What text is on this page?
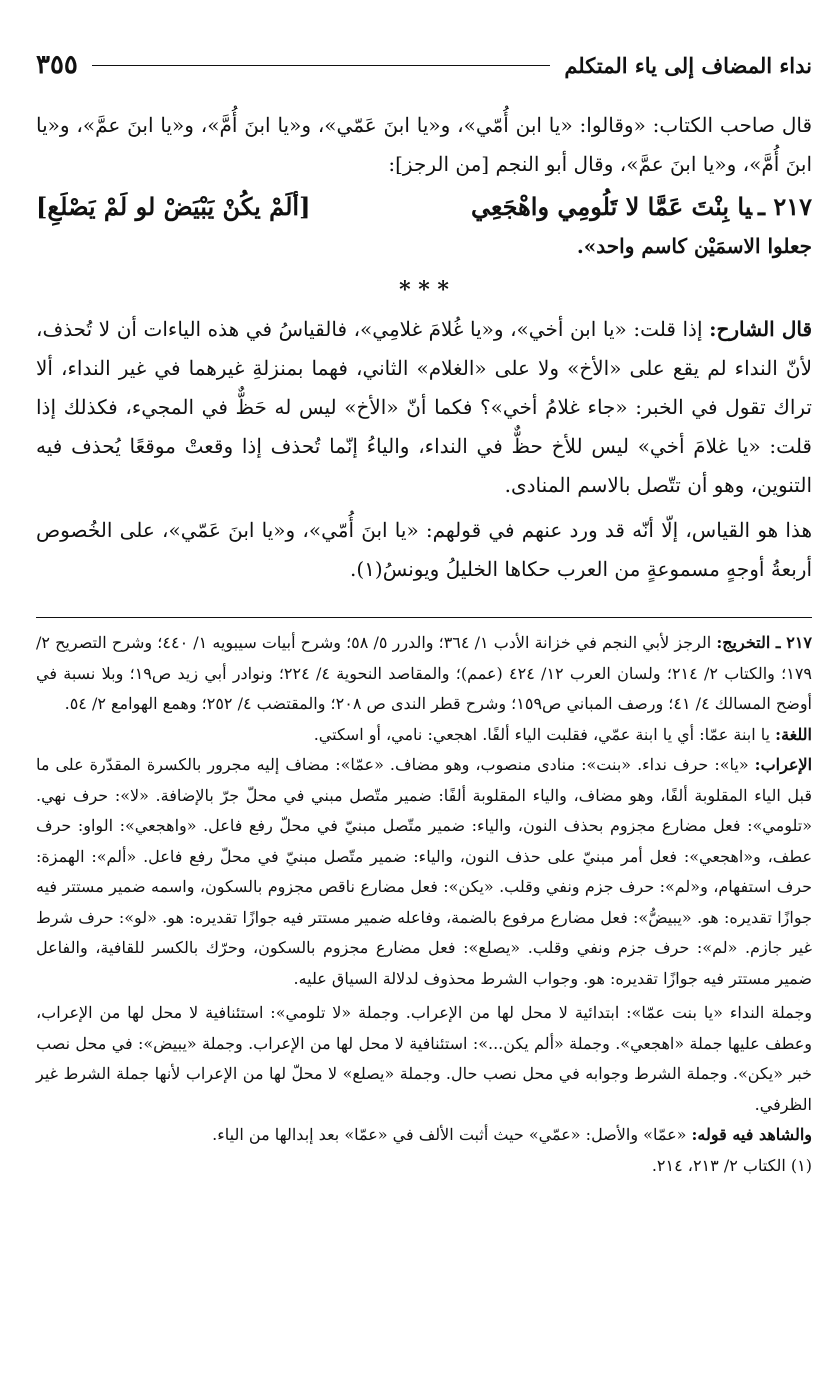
نداء المضاف إلى ياء المتكلم
٣٥٥

قال صاحب الكتاب: «وقالوا: «يا ابن أُمّي»، و«يا ابنَ عَمّي»، و«يا ابنَ أُمَّ»، و«يا ابنَ عمَّ»، و«يا ابنَ أُمَّ»، و«يا ابنَ عمَّ»، وقال أبو النجم [من الرجز]:

٢١٧ ـيا بِنْتَ عَمَّا لا تَلُومِي واهْجَعِي
[ألَمْ يكُنْ يَبْيَضْ لو لَمْ يَصْلَعِ]

جعلوا الاسمَيْن كاسم واحد».

* * *

قال الشارح: إذا قلت: «يا ابن أخي»، و«يا غُلامَ غلامِي»، فالقياسُ في هذه الياءات أن لا تُحذف، لأنّ النداء لم يقع على «الأخ» ولا على «الغلام» الثاني، فهما بمنزلةِ غيرهما في غير النداء، ألا تراك تقول في الخبر: «جاء غلامُ أخي»؟ فكما أنّ «الأخ» ليس له حَظٌّ في المجيء، فكذلك إذا قلت: «يا غلامَ أخي» ليس للأخ حظٌّ في النداء، والياءُ إنّما تُحذف إذا وقعتْ موقعًا يُحذف فيه التنوين، وهو أن تتّصل بالاسم المنادى.

هذا هو القياس، إلّا أنّه قد ورد عنهم في قولهم: «يا ابنَ أُمّي»، و«يا ابنَ عَمّي»، على الخُصوص أربعةُ أوجهٍ مسموعةٍ من العرب حكاها الخليلُ ويونسُ(١).

٢١٧ ـ التخريج: الرجز لأبي النجم في خزانة الأدب ١/ ٣٦٤؛ والدرر ٥/ ٥٨؛ وشرح أبيات سيبويه ١/ ٤٤٠؛ وشرح التصريح ٢/ ١٧٩؛ والكتاب ٢/ ٢١٤؛ ولسان العرب ١٢/ ٤٢٤ (عمم)؛ والمقاصد النحوية ٤/ ٢٢٤؛ ونوادر أبي زيد ص١٩؛ وبلا نسبة في أوضح المسالك ٤/ ٤١؛ ورصف المباني ص١٥٩؛ وشرح قطر الندى ص ٢٠٨؛ والمقتضب ٤/ ٢٥٢؛ وهمع الهوامع ٢/ ٥٤.

اللغة: يا ابنة عمّا: أي يا ابنة عمّي، فقلبت الياء ألفًا. اهجعي: نامي، أو اسكتي.

الإعراب: «يا»: حرف نداء. «بنت»: منادى منصوب، وهو مضاف. «عمّا»: مضاف إليه مجرور بالكسرة المقدّرة على ما قبل الياء المقلوبة ألفًا، وهو مضاف، والياء المقلوبة ألفًا: ضمير متّصل مبني في محلّ جرّ بالإضافة. «لا»: حرف نهي. «تلومي»: فعل مضارع مجزوم بحذف النون، والياء: ضمير متّصل مبنيّ في محلّ رفع فاعل. «واهجعي»: الواو: حرف عطف، و«اهجعي»: فعل أمر مبنيّ على حذف النون، والياء: ضمير متّصل مبنيّ في محلّ رفع فاعل. «ألم»: الهمزة: حرف استفهام، و«لم»: حرف جزم ونفي وقلب. «يكن»: فعل مضارع ناقص مجزوم بالسكون، واسمه ضمير مستتر فيه جوازًا تقديره: هو. «يبيضُّ»: فعل مضارع مرفوع بالضمة، وفاعله ضمير مستتر فيه جوازًا تقديره: هو. «لو»: حرف شرط غير جازم. «لم»: حرف جزم ونفي وقلب. «يصلع»: فعل مضارع مجزوم بالسكون، وحرّك بالكسر للقافية، والفاعل ضمير مستتر فيه جوازًا تقديره: هو. وجواب الشرط محذوف لدلالة السياق عليه.

وجملة النداء «يا بنت عمّا»: ابتدائية لا محل لها من الإعراب. وجملة «لا تلومي»: استئنافية لا محل لها من الإعراب، وعطف عليها جملة «اهجعي». وجملة «ألم يكن...»: استئنافية لا محل لها من الإعراب. وجملة «يبيض»: في محل نصب خبر «يكن». وجملة الشرط وجوابه في محل نصب حال. وجملة «يصلع» لا محلّ لها من الإعراب لأنها جملة الشرط غير الظرفي.

والشاهد فيه قوله: «عمّا» والأصل: «عمّي» حيث أثبت الألف في «عمّا» بعد إبدالها من الياء.

(١) الكتاب ٢/ ٢١٣، ٢١٤.
